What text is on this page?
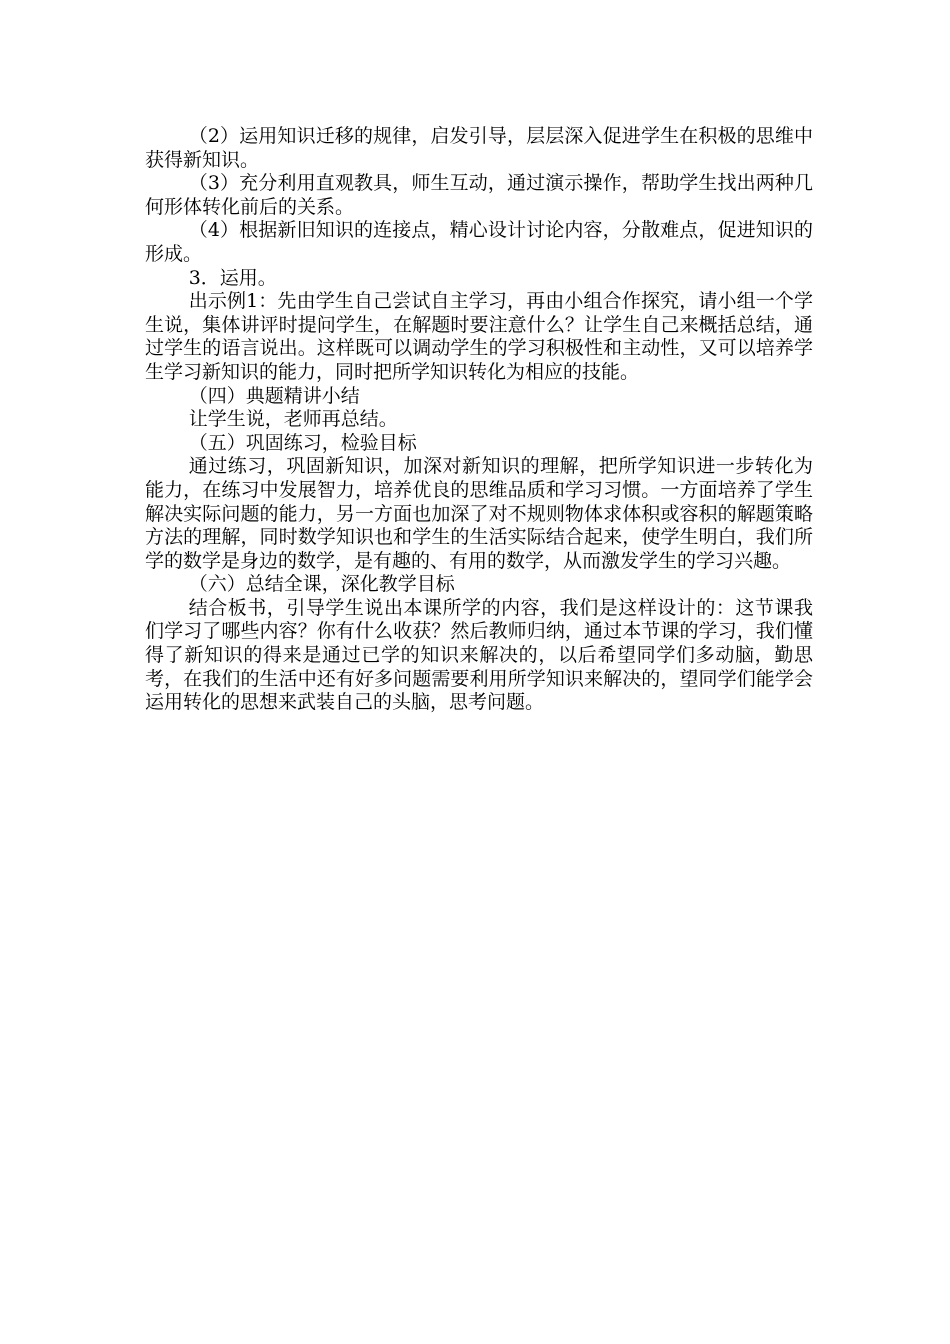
（2）运用知识迁移的规律，启发引导，层层深入促进学生在积极的思维中获得新知识。

（3）充分利用直观教具，师生互动，通过演示操作，帮助学生找出两种几何形体转化前后的关系。

（4）根据新旧知识的连接点，精心设计讨论内容，分散难点，促进知识的形成。

3．运用。

出示例1：先由学生自己尝试自主学习，再由小组合作探究，请小组一个学生说，集体讲评时提问学生，在解题时要注意什么？让学生自己来概括总结，通过学生的语言说出。这样既可以调动学生的学习积极性和主动性，又可以培养学生学习新知识的能力，同时把所学知识转化为相应的技能。

（四）典题精讲小结

让学生说，老师再总结。

（五）巩固练习，检验目标

通过练习，巩固新知识，加深对新知识的理解，把所学知识进一步转化为能力，在练习中发展智力，培养优良的思维品质和学习习惯。一方面培养了学生解决实际问题的能力，另一方面也加深了对不规则物体求体积或容积的解题策略方法的理解，同时数学知识也和学生的生活实际结合起来，使学生明白，我们所学的数学是身边的数学，是有趣的、有用的数学，从而激发学生的学习兴趣。

（六）总结全课，深化教学目标

结合板书，引导学生说出本课所学的内容，我们是这样设计的：这节课我们学习了哪些内容？你有什么收获？然后教师归纳，通过本节课的学习，我们懂得了新知识的得来是通过已学的知识来解决的，以后希望同学们多动脑，勤思考，在我们的生活中还有好多问题需要利用所学知识来解决的，望同学们能学会运用转化的思想来武装自己的头脑，思考问题。
